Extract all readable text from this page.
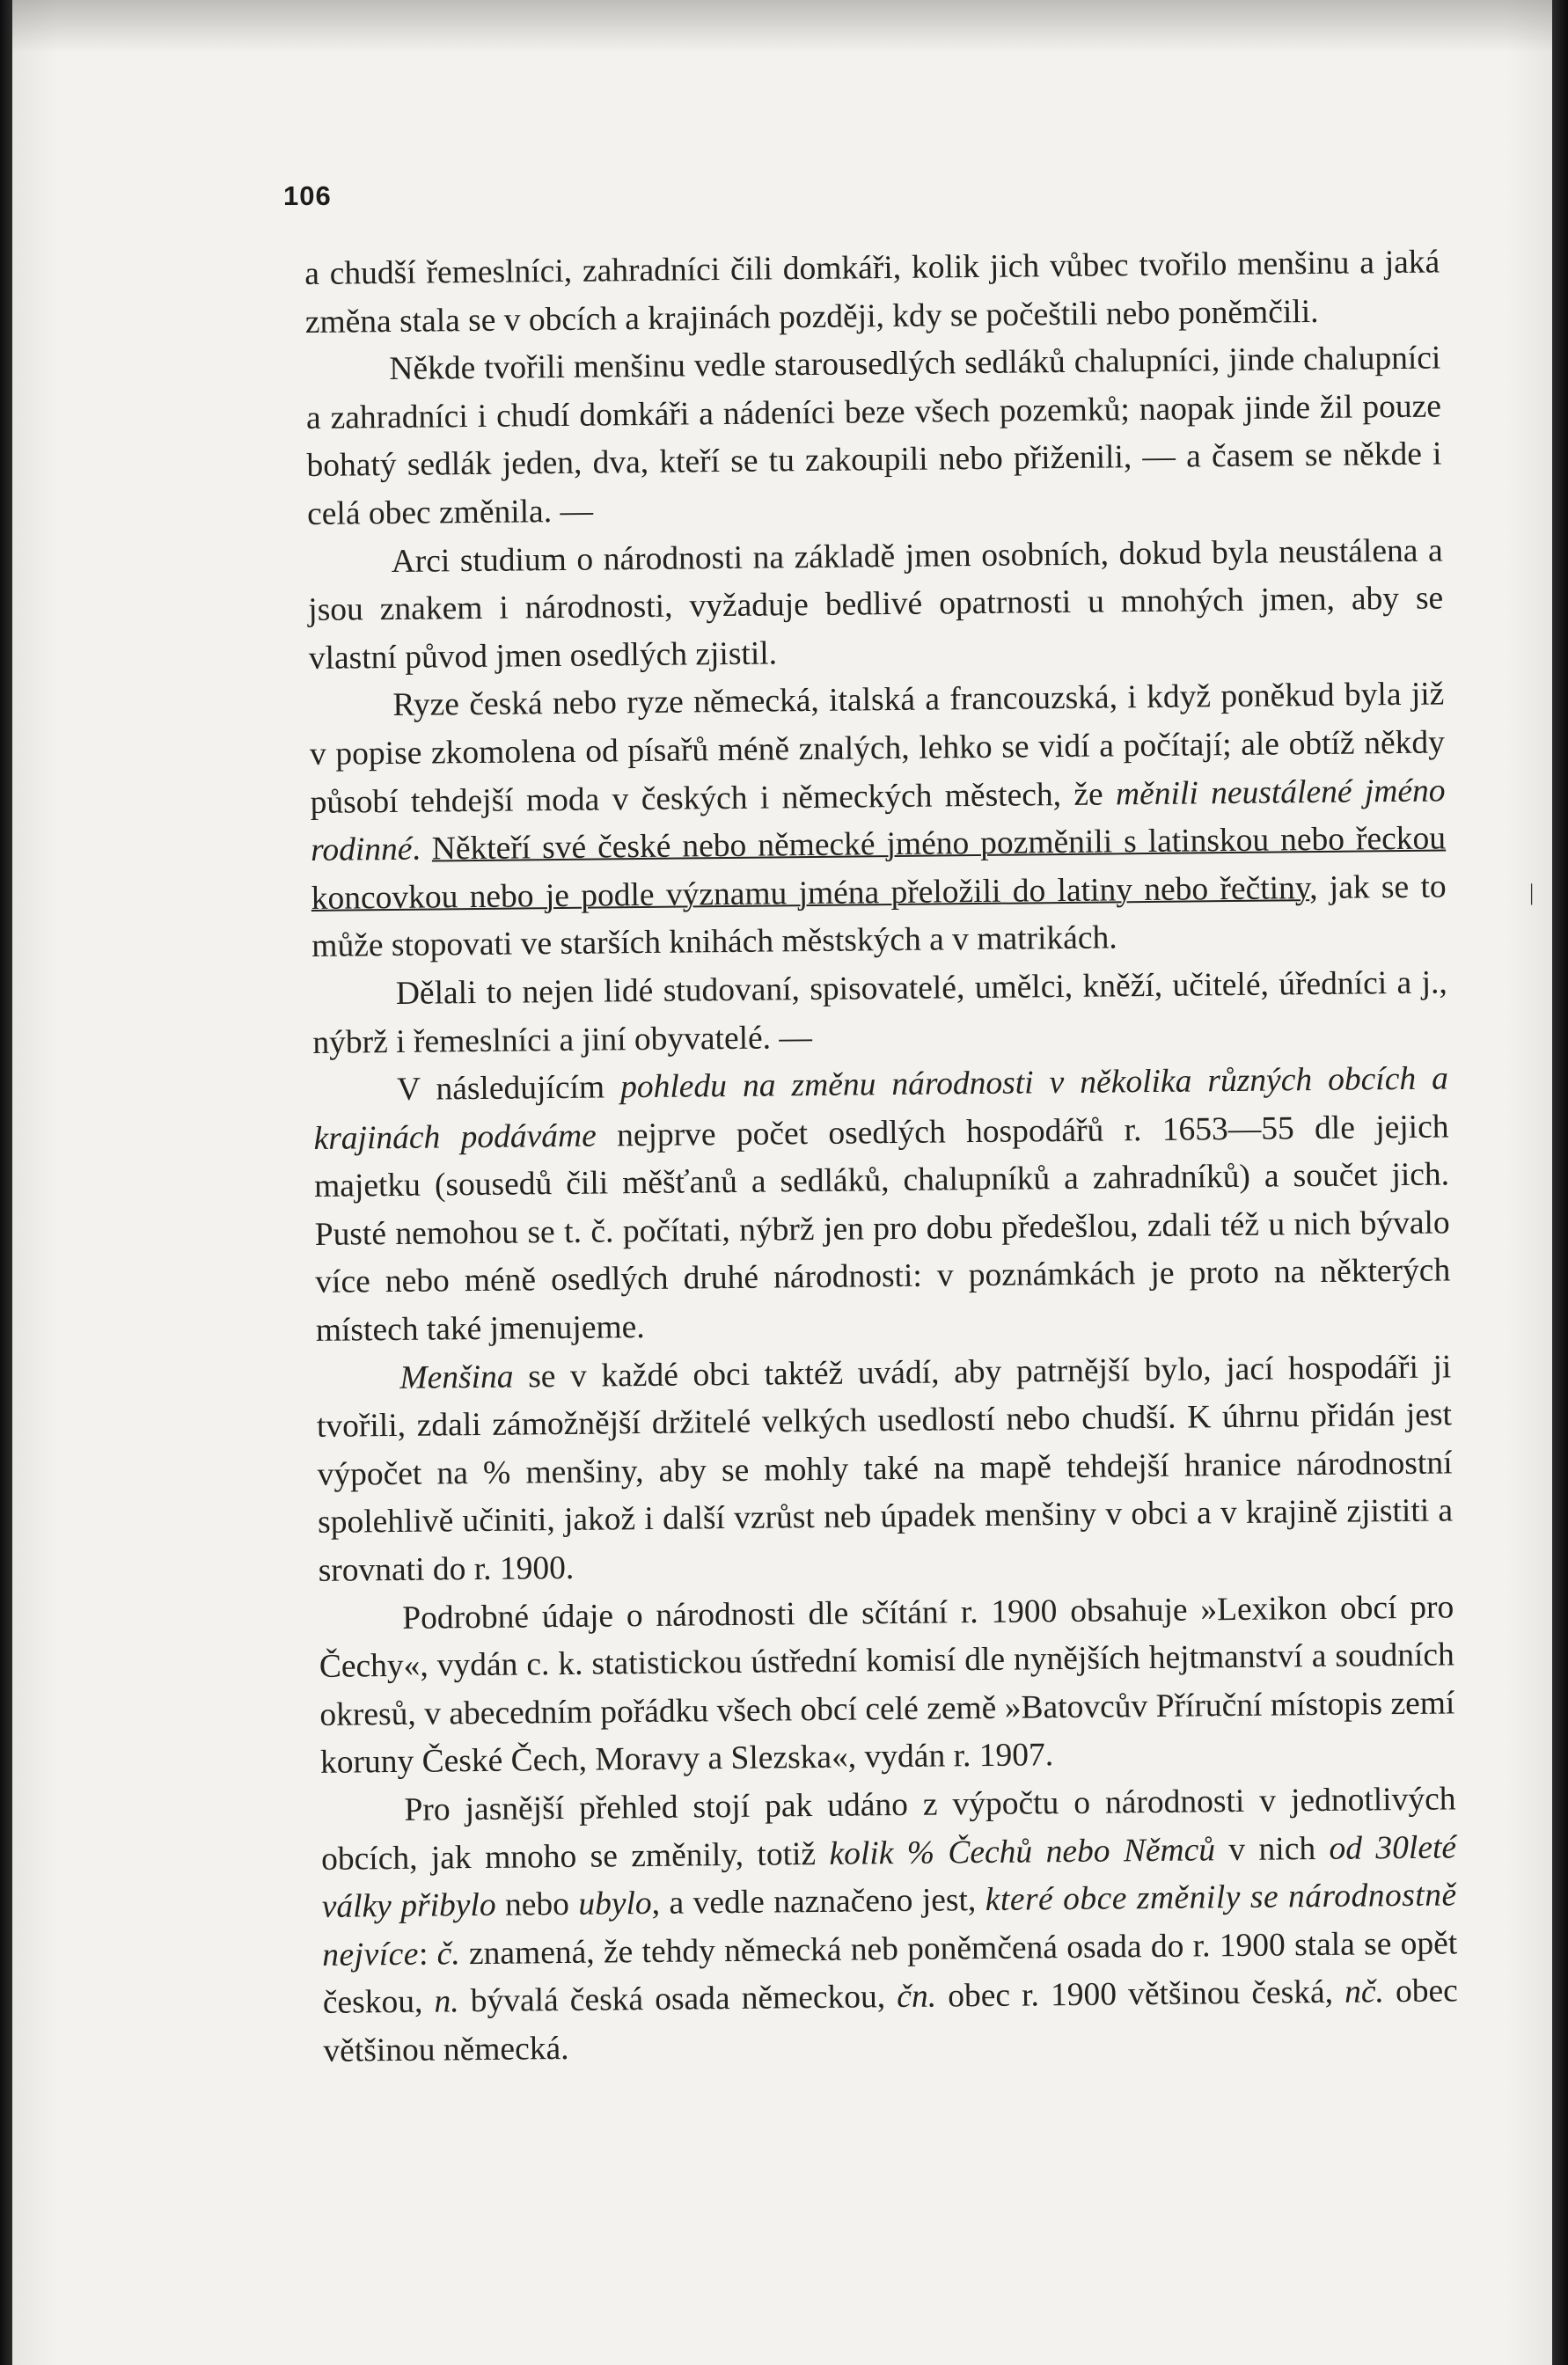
106

a chudší řemeslníci, zahradníci čili domkáři, kolik jich vůbec tvořilo menšinu a jaká změna stala se v obcích a krajinách později, kdy se počeštili nebo poněmčili.

Někde tvořili menšinu vedle starousedlých sedláků chalupníci, jinde chalupníci a zahradníci i chudí domkáři a nádeníci beze všech pozemků; naopak jinde žil pouze bohatý sedlák jeden, dva, kteří se tu zakoupili nebo přiženili, — a časem se někde i celá obec změnila. —

Arci studium o národnosti na základě jmen osobních, dokud byla neustálena a jsou znakem i národnosti, vyžaduje bedlivé opatrnosti u mnohých jmen, aby se vlastní původ jmen osedlých zjistil.

Ryze česká nebo ryze německá, italská a francouzská, i když poněkud byla již v popise zkomolena od písařů méně znalých, lehko se vidí a počítají; ale obtíž někdy působí tehdejší moda v českých i německých městech, že měnili neustálené jméno rodinné. Někteří své české nebo německé jméno pozměnili s latinskou nebo řeckou koncovkou nebo je podle významu jména přeložili do latiny nebo řečtiny, jak se to může stopovati ve starších knihách městských a v matrikách.

Dělali to nejen lidé studovaní, spisovatelé, umělci, kněží, učitelé, úředníci a j., nýbrž i řemeslníci a jiní obyvatelé. —

V následujícím pohledu na změnu národnosti v několika různých obcích a krajinách podáváme nejprve počet osedlých hospodářů r. 1653—55 dle jejich majetku (sousedů čili měšťanů a sedláků, chalupníků a zahradníků) a součet jich. Pusté nemohou se t. č. počítati, nýbrž jen pro dobu předešlou, zdali též u nich bývalo více nebo méně osedlých druhé národnosti: v poznámkách je proto na některých místech také jmenujeme.

Menšina se v každé obci taktéž uvádí, aby patrnější bylo, jací hospodáři ji tvořili, zdali zámožnější držitelé velkých usedlostí nebo chudší. K úhrnu přidán jest výpočet na % menšiny, aby se mohly také na mapě tehdejší hranice národnostní spolehlivě učiniti, jakož i další vzrůst neb úpadek menšiny v obci a v krajině zjistiti a srovnati do r. 1900.

Podrobné údaje o národnosti dle sčítání r. 1900 obsahuje »Lexikon obcí pro Čechy«, vydán c. k. statistickou ústřední komisí dle nynějších hejtmanství a soudních okresů, v abecedním pořádku všech obcí celé země »Batovcův Příruční místopis zemí koruny České Čech, Moravy a Slezska«, vydán r. 1907.

Pro jasnější přehled stojí pak udáno z výpočtu o národnosti v jednotlivých obcích, jak mnoho se změnily, totiž kolik % Čechů nebo Němců v nich od 30leté války přibylo nebo ubylo, a vedle naznačeno jest, které obce změnily se národnostně nejvíce: č. znamená, že tehdy německá neb poněmčená osada do r. 1900 stala se opět českou, n. bývalá česká osada německou, čn. obec r. 1900 většinou česká, nč. obec většinou německá.

|
